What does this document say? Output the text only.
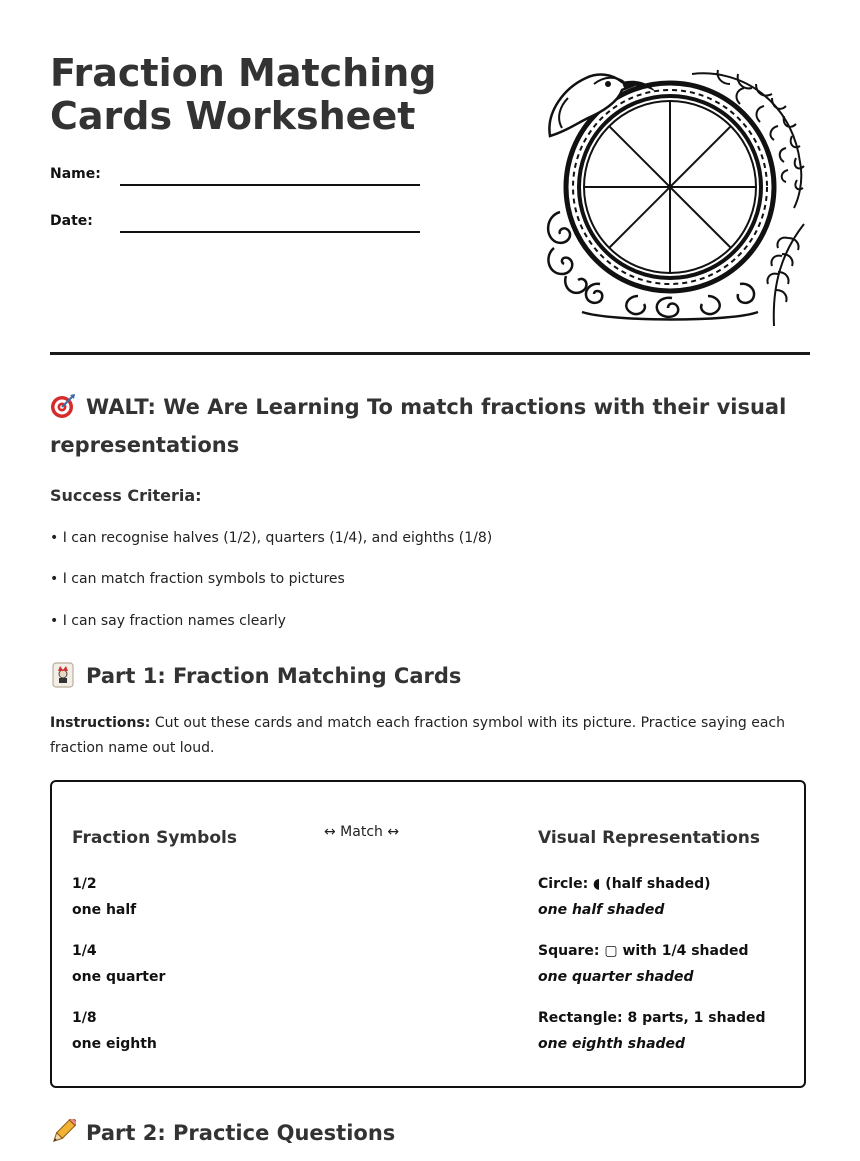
Fraction Matching Cards Worksheet
Name:
Date:
WALT: We Are Learning To match fractions with their visual representations

Success Criteria:

• I can recognise halves (1/2), quarters (1/4), and eighths (1/8)

• I can match fraction symbols to pictures

• I can say fraction names clearly

Part 1: Fraction Matching Cards

Instructions: Cut out these cards and match each fraction symbol with its picture. Practice saying each fraction name out loud.

Fraction Symbols	↔ Match ↔	Visual Representations
1/2
one half
1/4
one quarter
1/8
one eighth
Circle: ◖ (half shaded)
one half shaded
Square: ▢ with 1/4 shaded
one quarter shaded
Rectangle: 8 parts, 1 shaded
one eighth shaded
Part 2: Practice Questions
